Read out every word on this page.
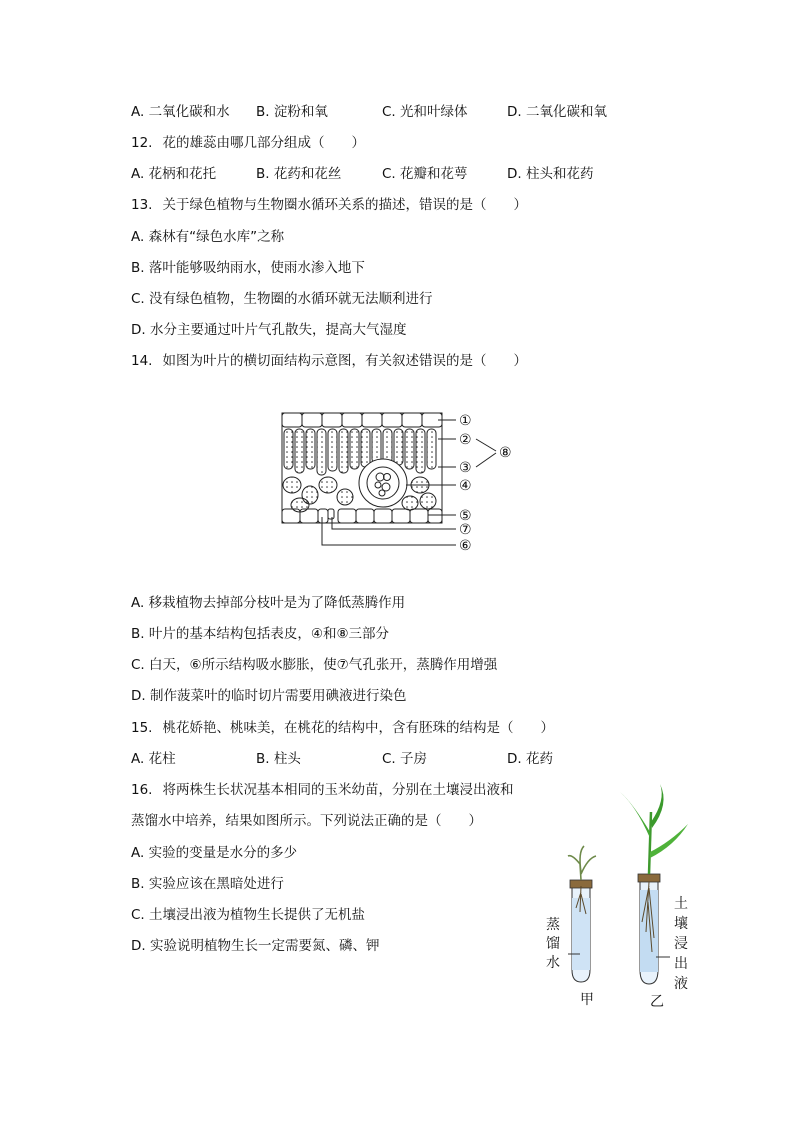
A. 二氧化碳和水 B. 淀粉和氧	C. 光和叶绿体	D. 二氧化碳和氧
12. 花的雄蕊由哪几部分组成（　　）
A. 花柄和花托	B. 花药和花丝	C. 花瓣和花萼	D. 柱头和花药
13. 关于绿色植物与生物圈水循环关系的描述，错误的是（　　）
A. 森林有“绿色水库”之称
B. 落叶能够吸纳雨水，使雨水渗入地下
C. 没有绿色植物，生物圈的水循环就无法顺利进行
D. 水分主要通过叶片气孔散失，提高大气湿度
14. 如图为叶片的横切面结构示意图，有关叙述错误的是（　　）
①
②
③
④
⑤
⑦
⑥
⑧
A. 移栽植物去掉部分枝叶是为了降低蒸腾作用
B. 叶片的基本结构包括表皮，④和⑧三部分
C. 白天，⑥所示结构吸水膨胀，使⑦气孔张开，蒸腾作用增强
D. 制作菠菜叶的临时切片需要用碘液进行染色
15. 桃花娇艳、桃味美，在桃花的结构中，含有胚珠的结构是（　　）
A. 花柱	B. 柱头	C. 子房	D. 花药
16. 将两株生长状况基本相同的玉米幼苗，分别在土壤浸出液和
蒸馏水中培养，结果如图所示。下列说法正确的是（　　）
A. 实验的变量是水分的多少
B. 实验应该在黑暗处进行
C. 土壤浸出液为植物生长提供了无机盐
D. 实验说明植物生长一定需要氮、磷、钾
蒸
馏
水
土
壤
浸
出
液
甲	乙
